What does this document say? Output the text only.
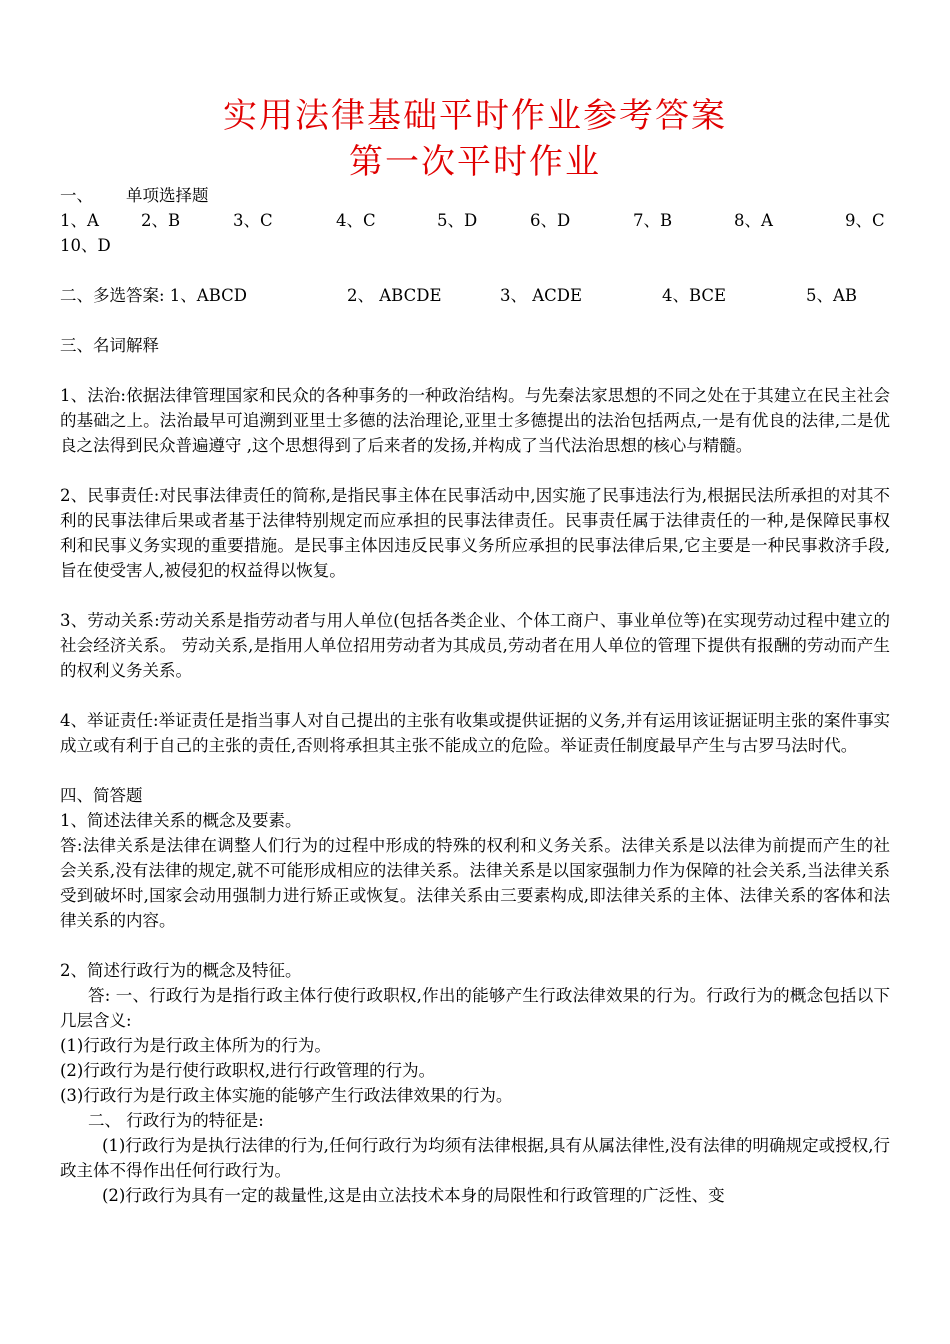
实用法律基础平时作业参考答案
第一次平时作业
一、 单项选择题
1、A	2、B	3、C	4、C	5、D	6、D	7、B	8、A	9、C
10、D
二、多选答案: 1、ABCD	2、 ABCDE	3、 ACDE	4、BCE	5、AB

三、名词解释

1、法治:依据法律管理国家和民众的各种事务的一种政治结构。与先秦法家思想的不同之处在于其建立在民主社会的基础之上。法治最早可追溯到亚里士多德的法治理论,亚里士多德提出的法治包括两点,一是有优良的法律,二是优良之法得到民众普遍遵守 ,这个思想得到了后来者的发扬,并构成了当代法治思想的核心与精髓。

2、民事责任:对民事法律责任的简称,是指民事主体在民事活动中,因实施了民事违法行为,根据民法所承担的对其不利的民事法律后果或者基于法律特别规定而应承担的民事法律责任。民事责任属于法律责任的一种,是保障民事权利和民事义务实现的重要措施。是民事主体因违反民事义务所应承担的民事法律后果,它主要是一种民事救济手段,旨在使受害人,被侵犯的权益得以恢复。

3、劳动关系:劳动关系是指劳动者与用人单位(包括各类企业、个体工商户、事业单位等)在实现劳动过程中建立的社会经济关系。 劳动关系,是指用人单位招用劳动者为其成员,劳动者在用人单位的管理下提供有报酬的劳动而产生的权利义务关系。

4、举证责任:举证责任是指当事人对自己提出的主张有收集或提供证据的义务,并有运用该证据证明主张的案件事实成立或有利于自己的主张的责任,否则将承担其主张不能成立的危险。举证责任制度最早产生与古罗马法时代。

四、简答题

1、简述法律关系的概念及要素。

答:法律关系是法律在调整人们行为的过程中形成的特殊的权利和义务关系。法律关系是以法律为前提而产生的社会关系,没有法律的规定,就不可能形成相应的法律关系。法律关系是以国家强制力作为保障的社会关系,当法律关系受到破坏时,国家会动用强制力进行矫正或恢复。法律关系由三要素构成,即法律关系的主体、法律关系的客体和法律关系的内容。

2、简述行政行为的概念及特征。

答: 一、行政行为是指行政主体行使行政职权,作出的能够产生行政法律效果的行为。行政行为的概念包括以下几层含义:

(1)行政行为是行政主体所为的行为。

(2)行政行为是行使行政职权,进行行政管理的行为。

(3)行政行为是行政主体实施的能够产生行政法律效果的行为。

二、 行政行为的特征是:

(1)行政行为是执行法律的行为,任何行政行为均须有法律根据,具有从属法律性,没有法律的明确规定或授权,行政主体不得作出任何行政行为。

(2)行政行为具有一定的裁量性,这是由立法技术本身的局限性和行政管理的广泛性、变
